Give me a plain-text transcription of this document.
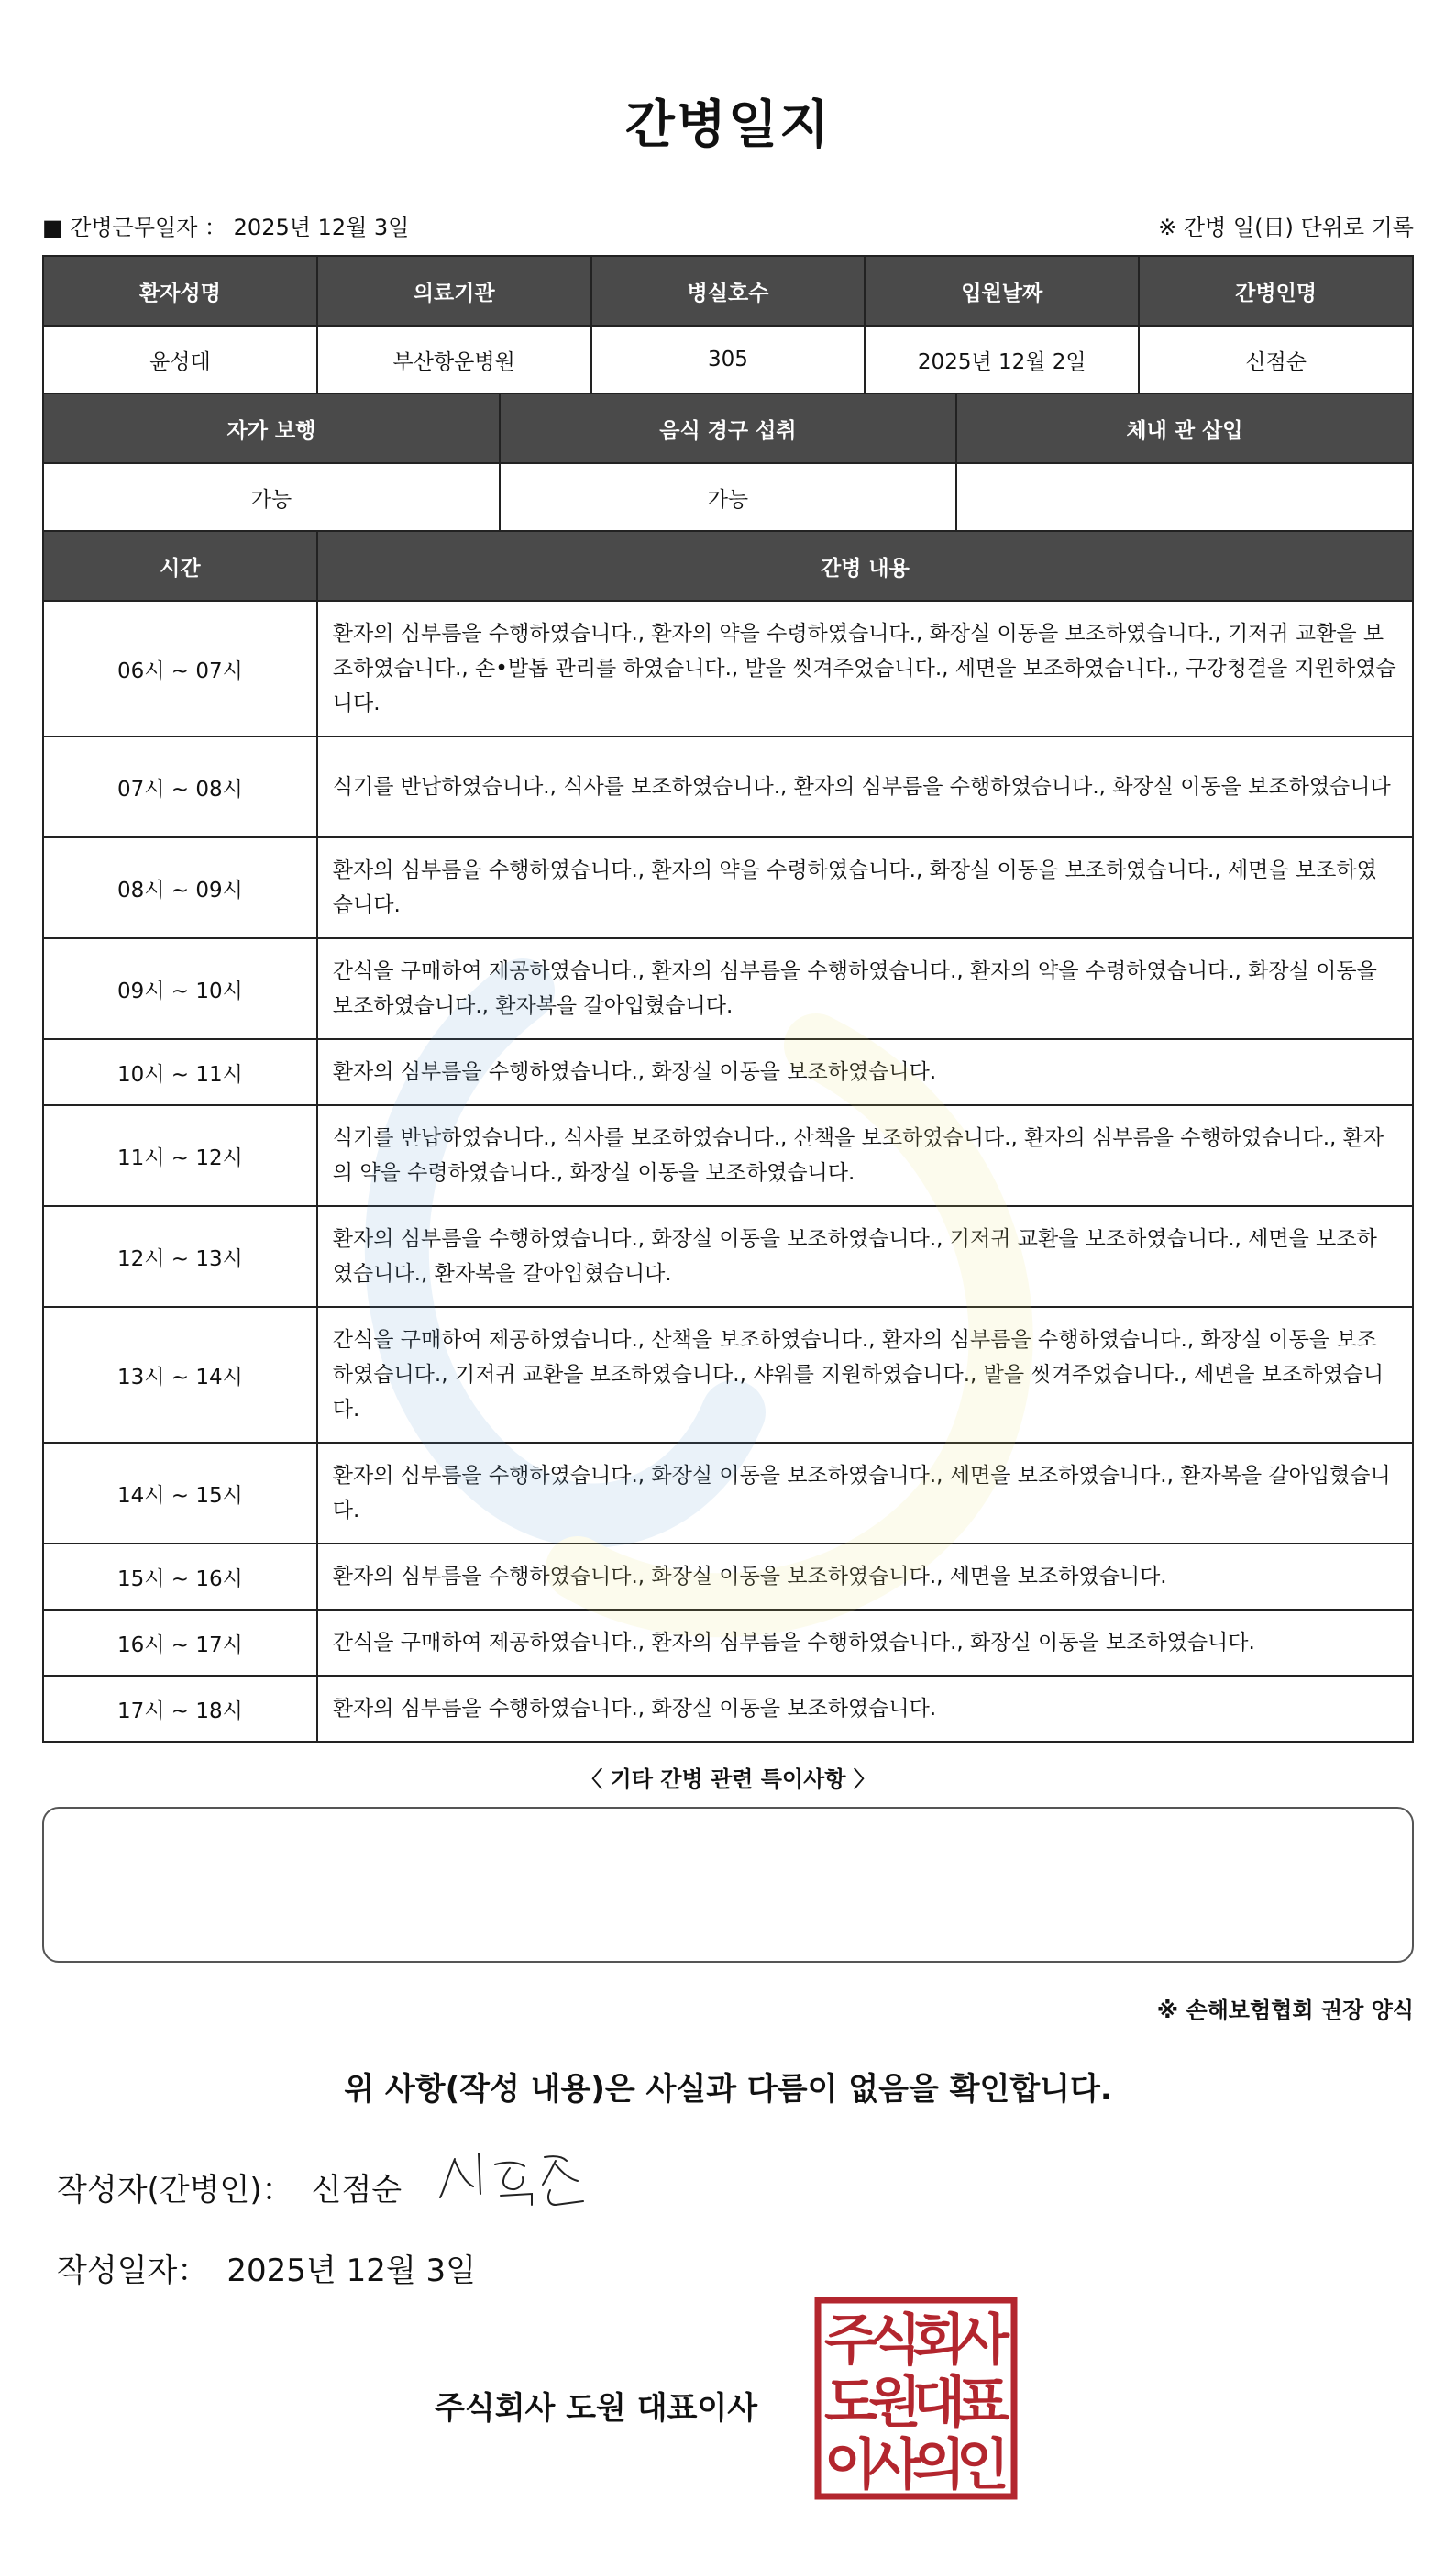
간병일지
■ 간병근무일자 ： 2025년 12월 3일	※ 간병 일(日) 단위로 기록
환자성명	의료기관	병실호수	입원날짜	간병인명
윤성대	부산항운병원	305	2025년 12월 2일	신점순
자가 보행	음식 경구 섭취	체내 관 삽입
가능	가능	
시간	간병 내용
06시 ~ 07시	환자의 심부름을 수행하였습니다., 환자의 약을 수령하였습니다., 화장실 이동을 보조하였습니다., 기저귀 교환을 보조하였습니다., 손•발톱 관리를 하였습니다., 발을 씻겨주었습니다., 세면을 보조하였습니다., 구강청결을 지원하였습니다.
07시 ~ 08시	식기를 반납하였습니다., 식사를 보조하였습니다., 환자의 심부름을 수행하였습니다., 화장실 이동을 보조하였습니다
08시 ~ 09시	환자의 심부름을 수행하였습니다., 환자의 약을 수령하였습니다., 화장실 이동을 보조하였습니다., 세면을 보조하였습니다.
09시 ~ 10시	간식을 구매하여 제공하였습니다., 환자의 심부름을 수행하였습니다., 환자의 약을 수령하였습니다., 화장실 이동을 보조하였습니다., 환자복을 갈아입혔습니다.
10시 ~ 11시	환자의 심부름을 수행하였습니다., 화장실 이동을 보조하였습니다.
11시 ~ 12시	식기를 반납하였습니다., 식사를 보조하였습니다., 산책을 보조하였습니다., 환자의 심부름을 수행하였습니다., 환자의 약을 수령하였습니다., 화장실 이동을 보조하였습니다.
12시 ~ 13시	환자의 심부름을 수행하였습니다., 화장실 이동을 보조하였습니다., 기저귀 교환을 보조하였습니다., 세면을 보조하였습니다., 환자복을 갈아입혔습니다.
13시 ~ 14시	간식을 구매하여 제공하였습니다., 산책을 보조하였습니다., 환자의 심부름을 수행하였습니다., 화장실 이동을 보조하였습니다., 기저귀 교환을 보조하였습니다., 샤워를 지원하였습니다., 발을 씻겨주었습니다., 세면을 보조하였습니다.
14시 ~ 15시	환자의 심부름을 수행하였습니다., 화장실 이동을 보조하였습니다., 세면을 보조하였습니다., 환자복을 갈아입혔습니다.
15시 ~ 16시	환자의 심부름을 수행하였습니다., 화장실 이동을 보조하였습니다., 세면을 보조하였습니다.
16시 ~ 17시	간식을 구매하여 제공하였습니다., 환자의 심부름을 수행하였습니다., 화장실 이동을 보조하였습니다.
17시 ~ 18시	환자의 심부름을 수행하였습니다., 화장실 이동을 보조하였습니다.
〈 기타 간병 관련 특이사항 〉
※ 손해보험협회 권장 양식
위 사항(작성 내용)은 사실과 다름이 없음을 확인합니다.
작성자(간병인)： 신점순
작성일자： 2025년 12월 3일
주식회사 도원 대표이사
주
식
회
사
도
원
대
표
이
사
의
인
